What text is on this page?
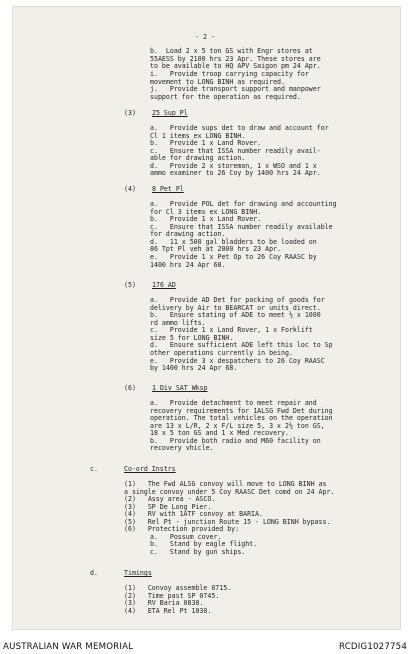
- 2 -
b.  Load 2 x 5 ton GS with Engr stores at
55AESS by 2100 hrs 23 Apr. These stores are
to be available to HQ APV Saigon pm 24 Apr.
i.   Provide troop carrying capacity for
movement to LONG BINH as required.
j.   Provide transport support and manpower
support for the operation as required.
(3) 25 Sup Pl
a.   Provide sups det to draw and account for
Cl 1 items ex LONG BINH.
b.   Provide 1 x Land Rover.
c.   Ensure that ISSA number readily avail-
able for drawing action.
d.   Provide 2 x storeman, 1 x WSO and 1 x
ammo examiner to 26 Coy by 1400 hrs 24 Apr.
(4) 8 Pet Pl
a.   Provide POL det for drawing and accounting
for Cl 3 items ex LONG BINH.
b.   Provide 1 x Land Rover.
c.   Ensure that ISSA number readily available
for drawing action.
d.   11 x 500 gal bladders to be loaded on
86 Tpt Pl veh at 2000 hrs 23 Apr.
e.   Provide 1 x Pet Op to 26 Coy RAASC by
1400 hrs 24 Apr 68.
(5) 176 AD
a.   Provide AD Det for packing of goods for
delivery by Air to BEARCAT or units direct.
b.   Ensure stating of ADE to meet ½ x 1000
rd ammo lifts.
c.   Provide 1 x Land Rover, 1 x Forklift
size 5 for LONG BINH.
d.   Ensure sufficient ADE left this loc to Sp
other operations currently in being.
e.   Provide 3 x despatchers to 26 Coy RAASC
by 1400 hrs 24 Apr 68.
(6) 1 Div SAT Wksp
a.   Provide detachment to meet repair and
recovery requirements for 1ALSG Fwd Det during
operation. The total vehicles on the operation
are 13 x L/R, 2 x F/L size 5, 3 x 2½ ton GS,
18 x 5 ton GS and 1 x Med recovery.
b.   Provide both radio and M60 facility on
recovery vhicle.
c.	Co-ord Instrs
(1)   The Fwd ALSG convoy will move to LONG BINH as
a single convoy under 5 Coy RAASC Det comd on 24 Apr.
(2)   Assy area - ASCO.
(3)   SP De Long Pier.
(4)   RV with 1ATF convoy at BARIA.
(5)   Rel Pt - junction Route 15 - LONG BINH bypass.
(6)   Protection provided by:
a.   Possum cover.
b.   Stand by eagle flight.
c.   Stand by gun ships.
d.	Timings
(1)   Convoy assemble 0715.
(2)   Time past SP 0745.
(3)   RV Baria 0830.
(4)   ETA Rel Pt 1030.
AUSTRALIAN WAR MEMORIAL	RCDIG1027754
